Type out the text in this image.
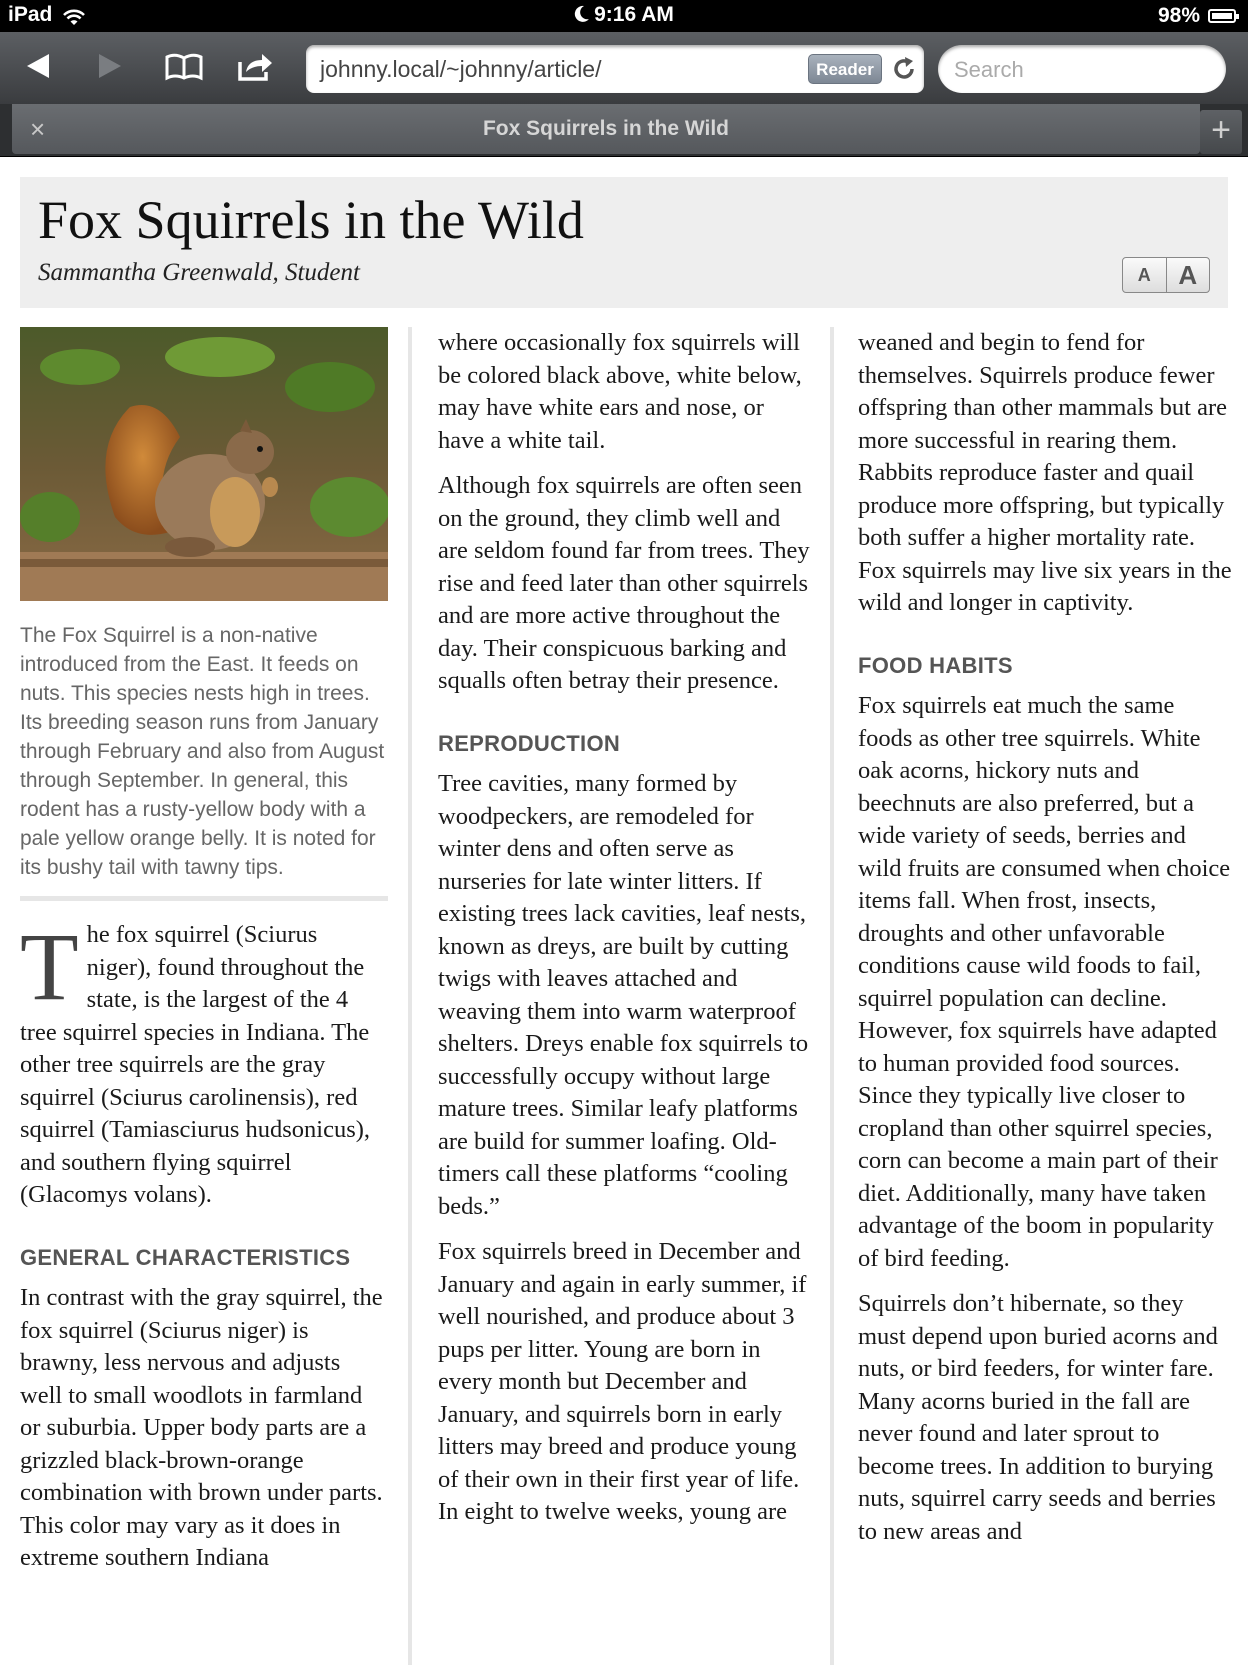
iPad	9:16 AM	98%
johnny.local/~johnny/article/	Reader	Search
×	Fox Squirrels in the Wild	+
Fox Squirrels in the Wild
Sammantha Greenwald, Student	A	A
The Fox Squirrel is a non-native introduced from the East. It feeds on nuts. This species nests high in trees. Its breeding season runs from January through February and also from August through September. In general, this rodent has a rusty-yellow body with a pale yellow orange belly. It is noted for its bushy tail with tawny tips.

The fox squirrel (Sciurus niger), found throughout the state, is the largest of the 4 tree squirrel species in Indiana. The other tree squirrels are the gray squirrel (Sciurus carolinensis), red squirrel (Tamiasciurus hudsonicus), and southern flying squirrel (Glacomys volans).

GENERAL CHARACTERISTICS

In contrast with the gray squirrel, the fox squirrel (Sciurus niger) is brawny, less nervous and adjusts well to small woodlots in farmland or suburbia. Upper body parts are a grizzled black-brown-orange combination with brown under parts. This color may vary as it does in extreme southern Indiana

where occasionally fox squirrels will be colored black above, white below, may have white ears and nose, or have a white tail.

Although fox squirrels are often seen on the ground, they climb well and are seldom found far from trees. They rise and feed later than other squirrels and are more active throughout the day. Their conspicuous barking and squalls often betray their presence.

REPRODUCTION

Tree cavities, many formed by woodpeckers, are remodeled for winter dens and often serve as nurseries for late winter litters. If existing trees lack cavities, leaf nests, known as dreys, are built by cutting twigs with leaves attached and weaving them into warm waterproof shelters. Dreys enable fox squirrels to successfully occupy without large mature trees. Similar leafy platforms are build for summer loafing. Old-timers call these platforms “cooling beds.”

Fox squirrels breed in December and January and again in early summer, if well nourished, and produce about 3 pups per litter. Young are born in every month but December and January, and squirrels born in early litters may breed and produce young of their own in their first year of life. In eight to twelve weeks, young are

weaned and begin to fend for themselves. Squirrels produce fewer offspring than other mammals but are more successful in rearing them. Rabbits reproduce faster and quail produce more offspring, but typically both suffer a higher mortality rate. Fox squirrels may live six years in the wild and longer in captivity.

FOOD HABITS

Fox squirrels eat much the same foods as other tree squirrels. White oak acorns, hickory nuts and beechnuts are also preferred, but a wide variety of seeds, berries and wild fruits are consumed when choice items fall. When frost, insects, droughts and other unfavorable conditions cause wild foods to fail, squirrel population can decline. However, fox squirrels have adapted to human provided food sources. Since they typically live closer to cropland than other squirrel species, corn can become a main part of their diet. Additionally, many have taken advantage of the boom in popularity of bird feeding.

Squirrels don’t hibernate, so they must depend upon buried acorns and nuts, or bird feeders, for winter fare. Many acorns buried in the fall are never found and later sprout to become trees. In addition to burying nuts, squirrel carry seeds and berries to new areas and
